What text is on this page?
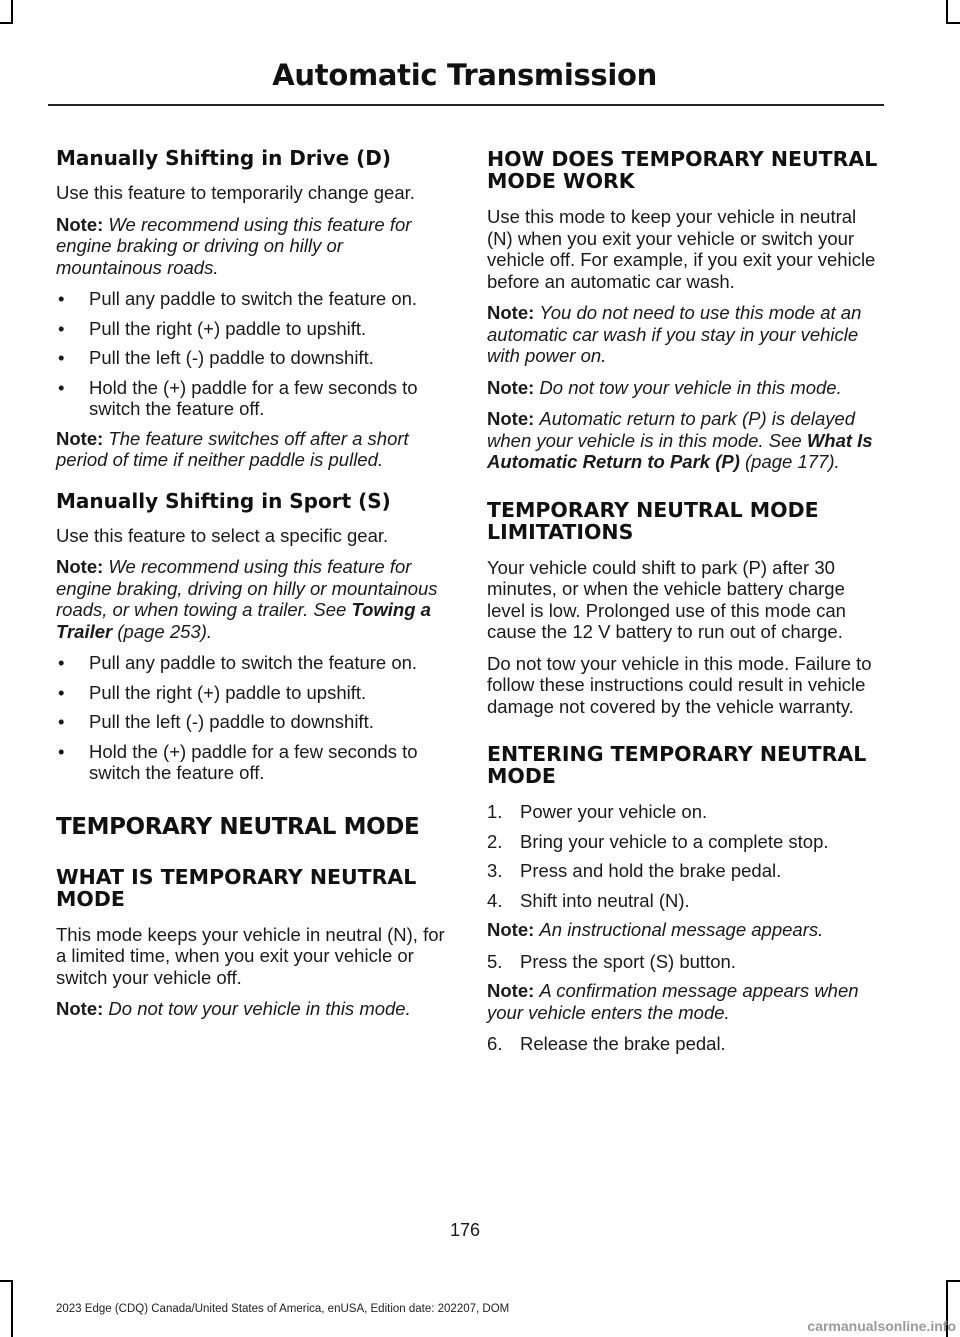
Automatic Transmission
Manually Shifting in Drive (D)

Use this feature to temporarily change gear.

Note: We recommend using this feature for engine braking or driving on hilly or mountainous roads.

• Pull any paddle to switch the feature on.
• Pull the right (+) paddle to upshift.
• Pull the left (-) paddle to downshift.
• Hold the (+) paddle for a few seconds to switch the feature off.

Note: The feature switches off after a short period of time if neither paddle is pulled.

Manually Shifting in Sport (S)

Use this feature to select a specific gear.

Note: We recommend using this feature for engine braking, driving on hilly or mountainous roads, or when towing a trailer. See Towing a Trailer (page 253).

• Pull any paddle to switch the feature on.
• Pull the right (+) paddle to upshift.
• Pull the left (-) paddle to downshift.
• Hold the (+) paddle for a few seconds to switch the feature off.
TEMPORARY NEUTRAL MODE
WHAT IS TEMPORARY NEUTRAL MODE

This mode keeps your vehicle in neutral (N), for a limited time, when you exit your vehicle or switch your vehicle off.

Note: Do not tow your vehicle in this mode.

HOW DOES TEMPORARY NEUTRAL MODE WORK

Use this mode to keep your vehicle in neutral (N) when you exit your vehicle or switch your vehicle off. For example, if you exit your vehicle before an automatic car wash.

Note: You do not need to use this mode at an automatic car wash if you stay in your vehicle with power on.

Note: Do not tow your vehicle in this mode.

Note: Automatic return to park (P) is delayed when your vehicle is in this mode. See What Is Automatic Return to Park (P) (page 177).

TEMPORARY NEUTRAL MODE LIMITATIONS

Your vehicle could shift to park (P) after 30 minutes, or when the vehicle battery charge level is low. Prolonged use of this mode can cause the 12 V battery to run out of charge.

Do not tow your vehicle in this mode. Failure to follow these instructions could result in vehicle damage not covered by the vehicle warranty.

ENTERING TEMPORARY NEUTRAL MODE
1. Power your vehicle on.
2. Bring your vehicle to a complete stop.
3. Press and hold the brake pedal.
4. Shift into neutral (N).

Note: An instructional message appears.

5. Press the sport (S) button.

Note: A confirmation message appears when your vehicle enters the mode.

6. Release the brake pedal.
176
2023 Edge (CDQ) Canada/United States of America, enUSA, Edition date: 202207, DOM
carmanualsonline.info
